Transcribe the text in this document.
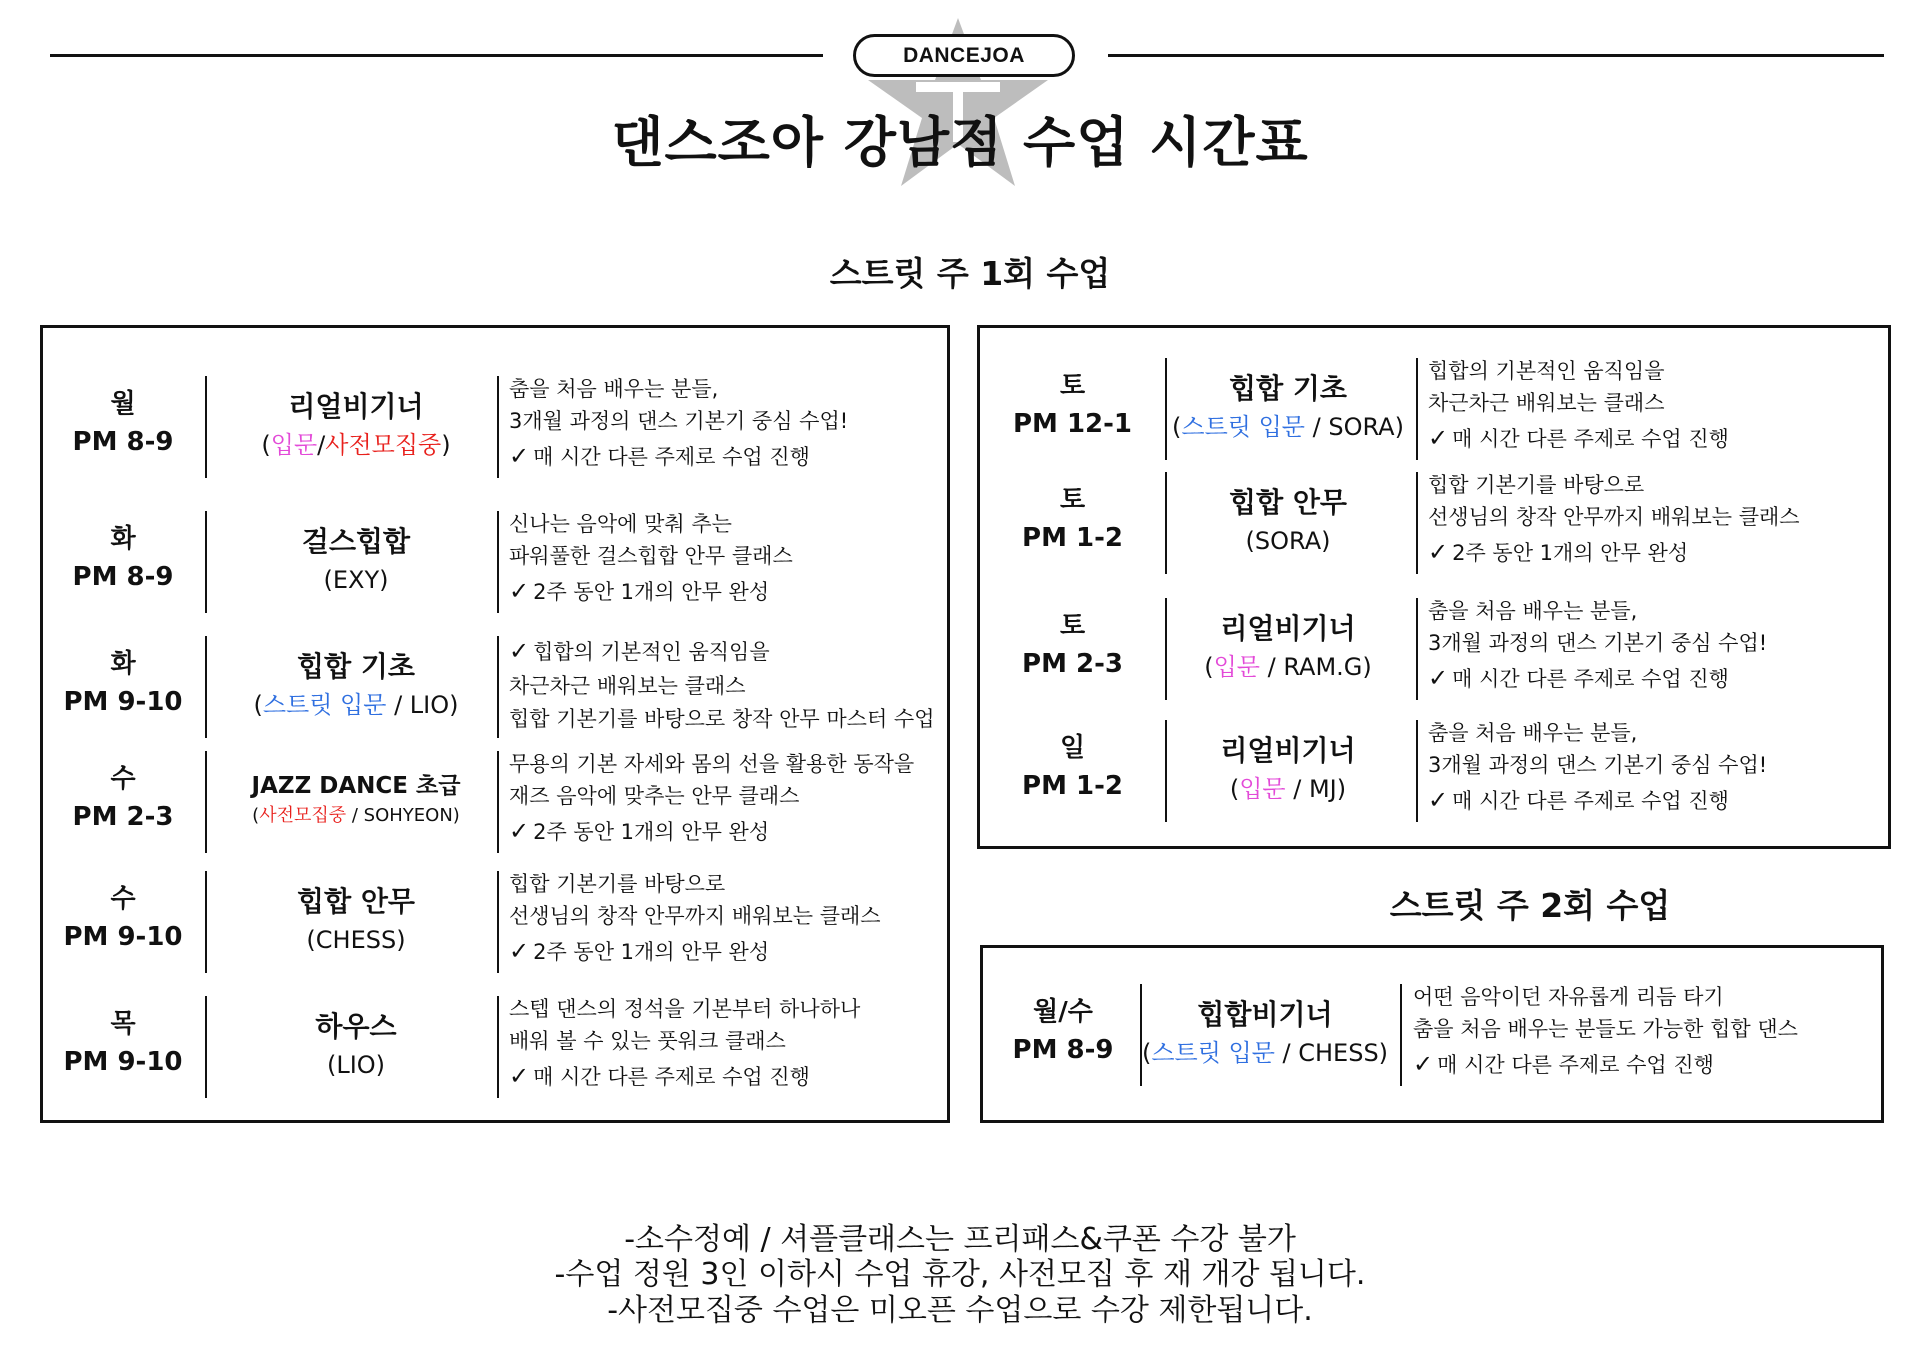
DANCEJOA
댄스조아 강남점 수업 시간표
스트릿 주 1회 수업
스트릿 주 2회 수업
월
PM 8-9
리얼비기너
(입문/사전모집중)
춤을 처음 배우는 분들,
3개월 과정의 댄스 기본기 중심 수업!
✓ 매 시간 다른 주제로 수업 진행
화
PM 8-9
걸스힙합
(EXY)
신나는 음악에 맞춰 추는
파워풀한 걸스힙합 안무 클래스
✓ 2주 동안 1개의 안무 완성
화
PM 9-10
힙합 기초
(스트릿 입문 / LIO)
✓ 힙합의 기본적인 움직임을
차근차근 배워보는 클래스
힙합 기본기를 바탕으로 창작 안무 마스터 수업
수
PM 2-3
JAZZ DANCE 초급
(사전모집중 / SOHYEON)
무용의 기본 자세와 몸의 선을 활용한 동작을
재즈 음악에 맞추는 안무 클래스
✓ 2주 동안 1개의 안무 완성
수
PM 9-10
힙합 안무
(CHESS)
힙합 기본기를 바탕으로
선생님의 창작 안무까지 배워보는 클래스
✓ 2주 동안 1개의 안무 완성
목
PM 9-10
하우스
(LIO)
스텝 댄스의 정석을 기본부터 하나하나
배워 볼 수 있는 풋워크 클래스
✓ 매 시간 다른 주제로 수업 진행
토
PM 12-1
힙합 기초
(스트릿 입문 / SORA)
힙합의 기본적인 움직임을
차근차근 배워보는 클래스
✓ 매 시간 다른 주제로 수업 진행
토
PM 1-2
힙합 안무
(SORA)
힙합 기본기를 바탕으로
선생님의 창작 안무까지 배워보는 클래스
✓ 2주 동안 1개의 안무 완성
토
PM 2-3
리얼비기너
(입문 / RAM.G)
춤을 처음 배우는 분들,
3개월 과정의 댄스 기본기 중심 수업!
✓ 매 시간 다른 주제로 수업 진행
일
PM 1-2
리얼비기너
(입문 / MJ)
춤을 처음 배우는 분들,
3개월 과정의 댄스 기본기 중심 수업!
✓ 매 시간 다른 주제로 수업 진행
월/수
PM 8-9
힙합비기너
(스트릿 입문 / CHESS)
어떤 음악이던 자유롭게 리듬 타기
춤을 처음 배우는 분들도 가능한 힙합 댄스
✓ 매 시간 다른 주제로 수업 진행
-소수정예 / 셔플클래스는 프리패스&쿠폰 수강 불가
-수업 정원 3인 이하시 수업 휴강, 사전모집 후 재 개강 됩니다.
-사전모집중 수업은 미오픈 수업으로 수강 제한됩니다.
